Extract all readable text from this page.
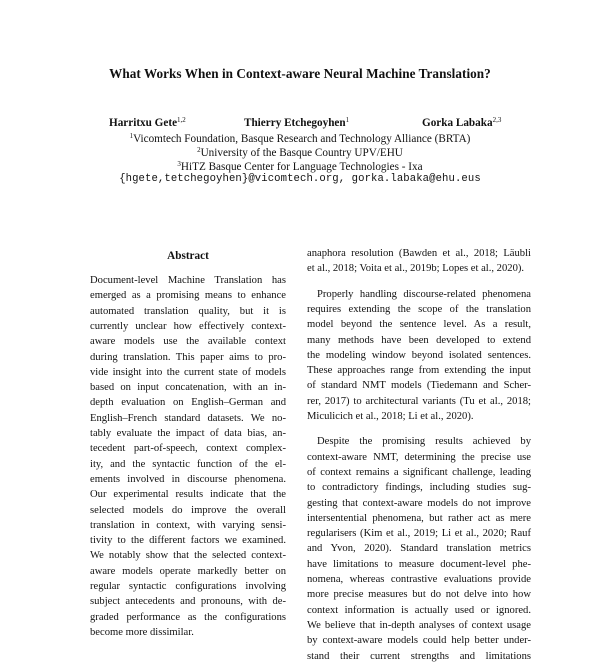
What Works When in Context-aware Neural Machine Translation?
Harritxu Gete$^{1,2}$	Thierry Etchegoyhen$^1$	Gorka Labaka$^{2,3}$
$^1$Vicomtech Foundation, Basque Research and Technology Alliance (BRTA)
$^2$University of the Basque Country UPV/EHU
$^3$HiTZ Basque Center for Language Technologies - Ixa
{hgete,tetchegoyhen}@vicomtech.org, gorka.labaka@ehu.eus
Abstract
Document-level Machine Translation has
emerged as a promising means to enhance
automated translation quality, but it is
currently unclear how effectively context-
aware models use the available context
during translation. This paper aims to pro-
vide insight into the current state of models
based on input concatenation, with an in-
depth evaluation on English–German and
English–French standard datasets. We no-
tably evaluate the impact of data bias, an-
tecedent part-of-speech, context complex-
ity, and the syntactic function of the el-
ements involved in discourse phenomena.
Our experimental results indicate that the
selected models do improve the overall
translation in context, with varying sensi-
tivity to the different factors we examined.
We notably show that the selected context-
aware models operate markedly better on
regular syntactic configurations involving
subject antecedents and pronouns, with de-
graded performance as the configurations
become more dissimilar.
anaphora resolution (Bawden et al., 2018; Läubli
et al., 2018; Voita et al., 2019b; Lopes et al., 2020).
Properly handling discourse-related phenomena
requires extending the scope of the translation
model beyond the sentence level. As a result,
many methods have been developed to extend
the modeling window beyond isolated sentences.
These approaches range from extending the input
of standard NMT models (Tiedemann and Scher-
rer, 2017) to architectural variants (Tu et al., 2018;
Miculicich et al., 2018; Li et al., 2020).
Despite the promising results achieved by
context-aware NMT, determining the precise use
of context remains a significant challenge, leading
to contradictory findings, including studies sug-
gesting that context-aware models do not improve
intersentential phenomena, but rather act as mere
regularisers (Kim et al., 2019; Li et al., 2020; Rauf
and Yvon, 2020). Standard translation metrics
have limitations to measure document-level phe-
nomena, whereas contrastive evaluations provide
more precise measures but do not delve into how
context information is actually used or ignored.
We believe that in-depth analyses of context usage
by context-aware models could help better under-
stand their current strengths and limitations
